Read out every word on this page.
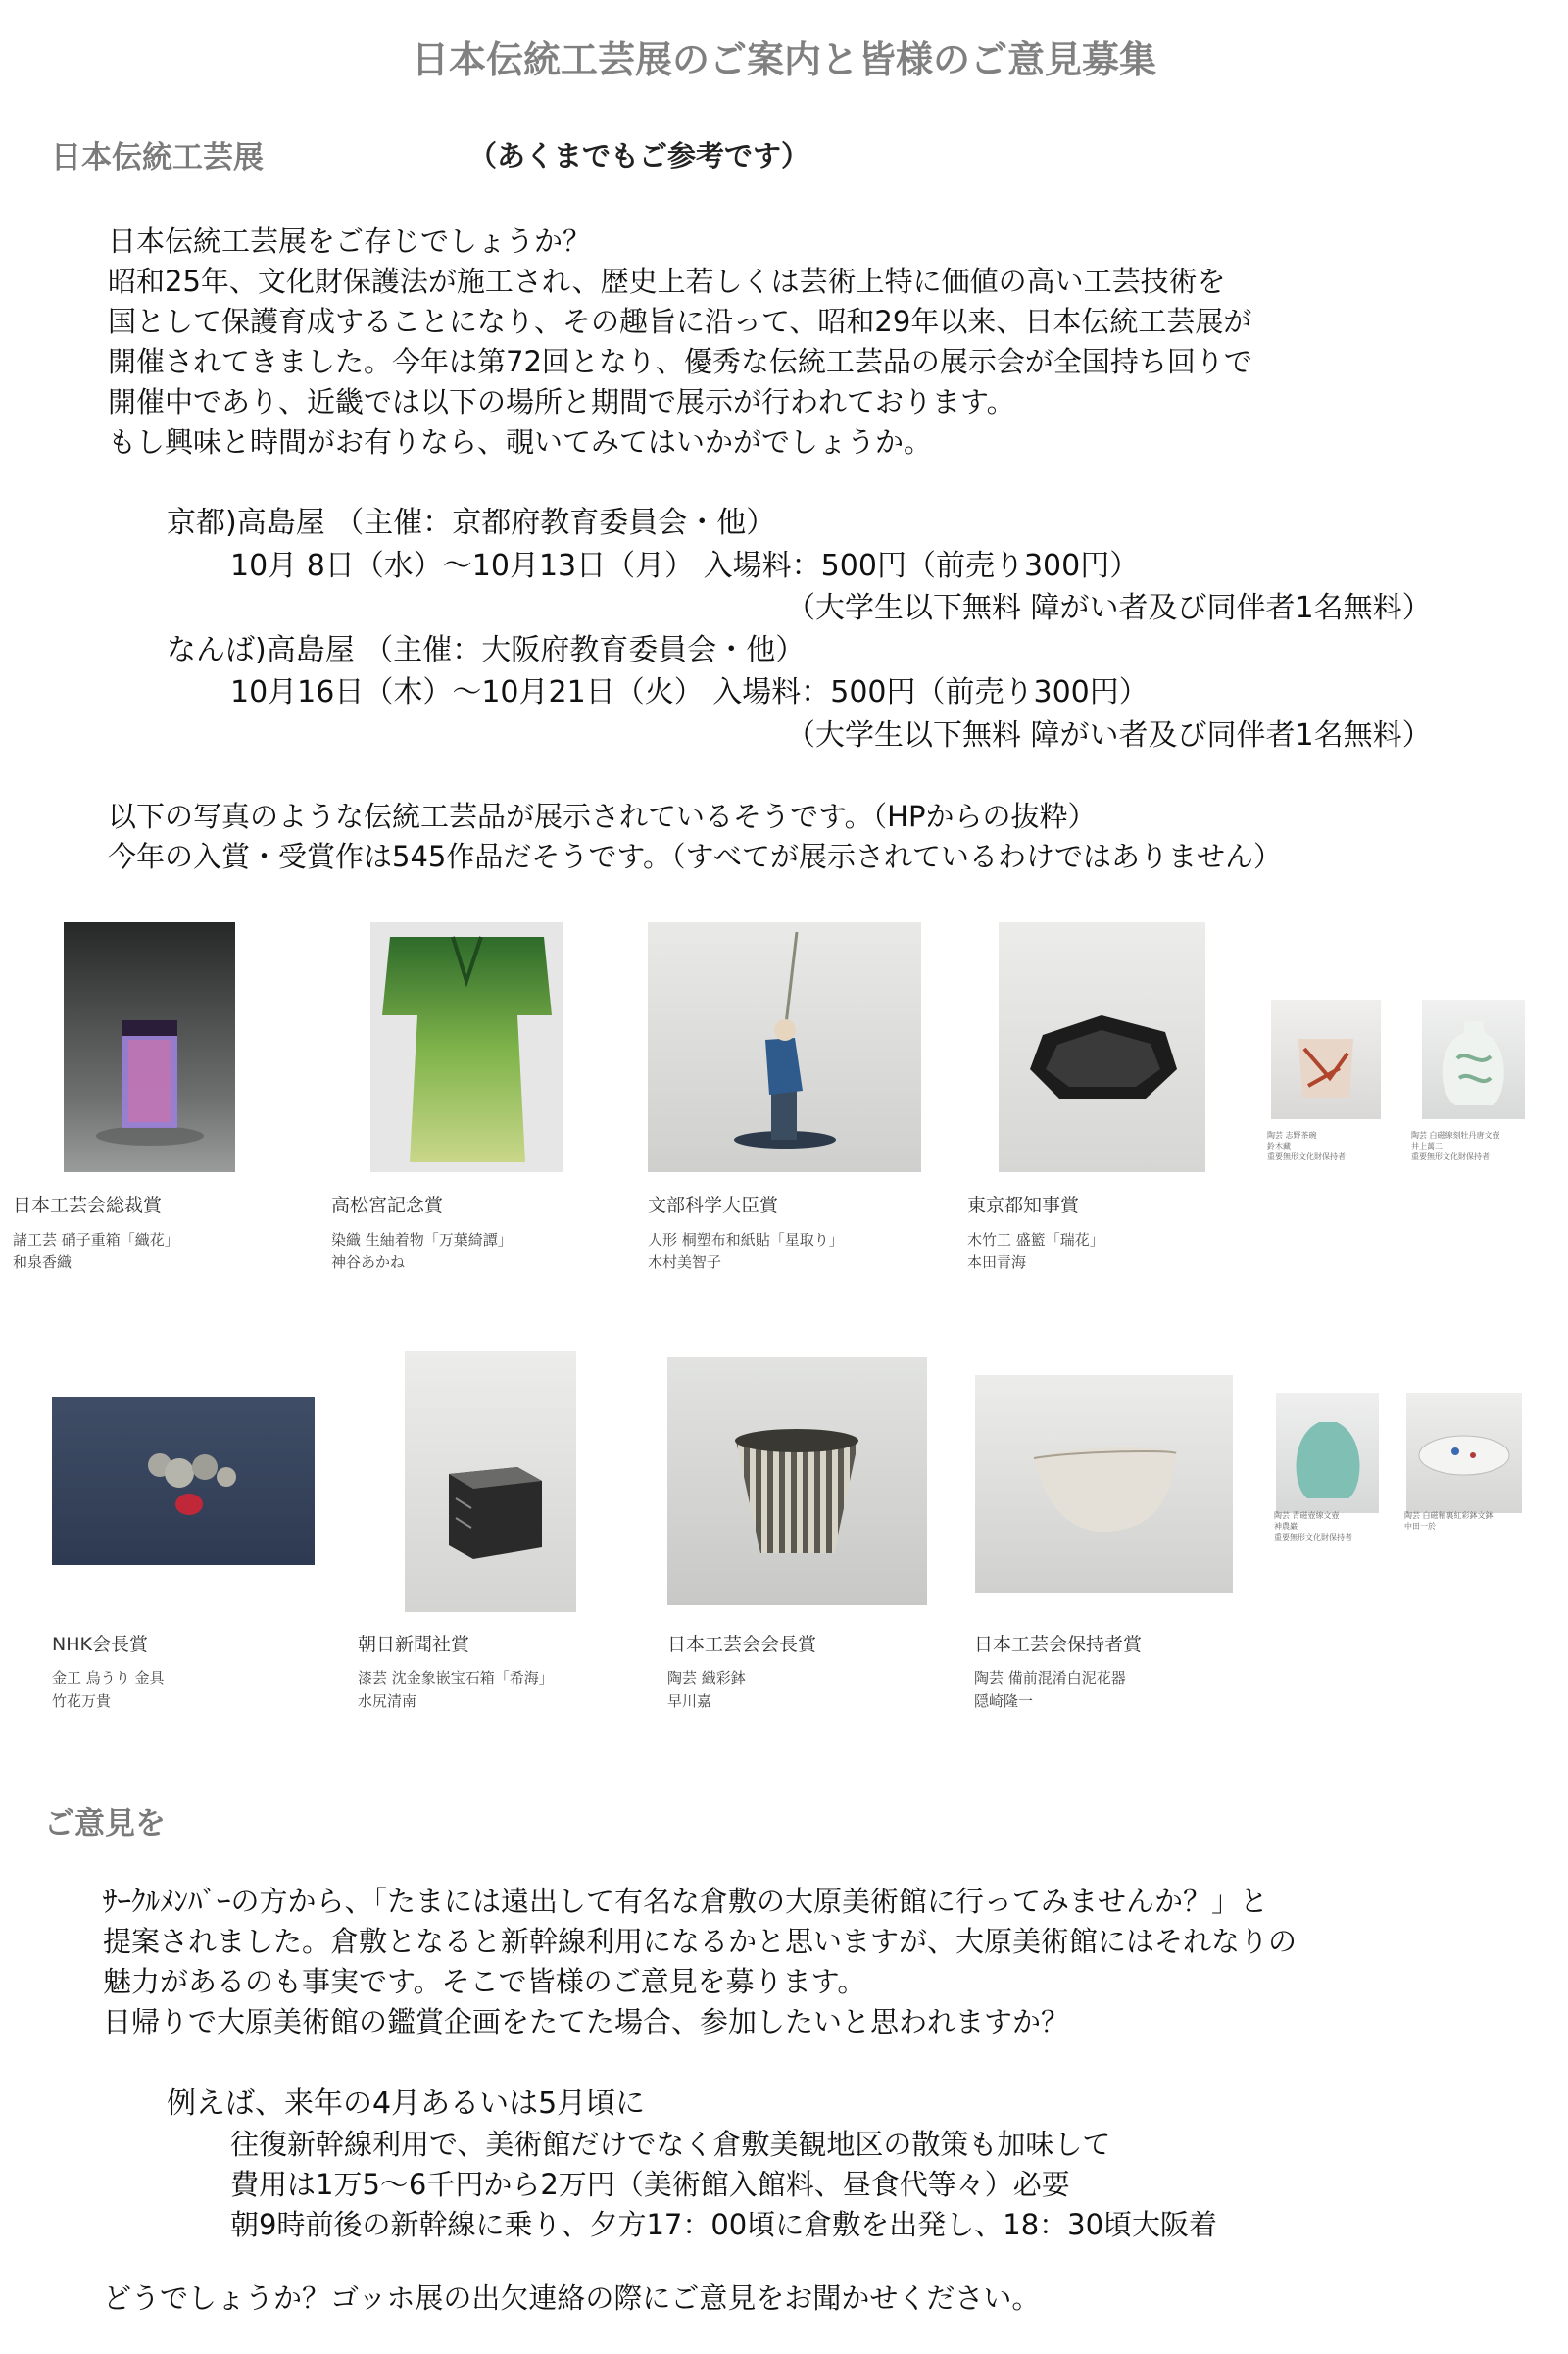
日本伝統工芸展のご案内と皆様のご意見募集
日本伝統工芸展	（あくまでもご参考です）
日本伝統工芸展をご存じでしょうか？
昭和25年、文化財保護法が施工され、歴史上若しくは芸術上特に価値の高い工芸技術を
国として保護育成することになり、その趣旨に沿って、昭和29年以来、日本伝統工芸展が
開催されてきました。今年は第72回となり、優秀な伝統工芸品の展示会が全国持ち回りで
開催中であり、近畿では以下の場所と期間で展示が行われております。
もし興味と時間がお有りなら、覗いてみてはいかがでしょうか。
京都)高島屋 （主催：京都府教育委員会・他）
10月 8日（水）～10月13日（月） 入場料：500円（前売り300円）
（大学生以下無料 障がい者及び同伴者1名無料）
なんば)高島屋 （主催：大阪府教育委員会・他）
10月16日（木）～10月21日（火） 入場料：500円（前売り300円）
（大学生以下無料 障がい者及び同伴者1名無料）
以下の写真のような伝統工芸品が展示されているそうです。（HPからの抜粋）
今年の入賞・受賞作は545作品だそうです。（すべてが展示されているわけではありません）
日本工芸会総裁賞
諸工芸 硝子重箱「織花」
和泉香織
高松宮記念賞
染織 生紬着物「万葉綺譚」
神谷あかね
文部科学大臣賞
人形 桐塑布和紙貼「星取り」
木村美智子
東京都知事賞
木竹工 盛籃「瑞花」
本田青海
陶芸 志野茶碗
鈴木藏
重要無形文化財保持者
陶芸 白磁線刻牡丹唐文壺
井上萬二
重要無形文化財保持者
NHK会長賞
金工 烏うり 金具
竹花万貴
朝日新聞社賞
漆芸 沈金象嵌宝石箱「希海」
水尻清南
日本工芸会会長賞
陶芸 織彩鉢
早川嘉
日本工芸会保持者賞
陶芸 備前混淆白泥花器
隠崎隆一
陶芸 青磁壺線文壺
神農巌
重要無形文化財保持者
陶芸 白磁釉裏紅彩鉢文鉢
中田一於
ご意見を
ｻｰｸﾙﾒﾝﾊﾞｰの方から、「たまには遠出して有名な倉敷の大原美術館に行ってみませんか？」と
提案されました。倉敷となると新幹線利用になるかと思いますが、大原美術館にはそれなりの
魅力があるのも事実です。そこで皆様のご意見を募ります。
日帰りで大原美術館の鑑賞企画をたてた場合、参加したいと思われますか？
例えば、来年の4月あるいは5月頃に
往復新幹線利用で、美術館だけでなく倉敷美観地区の散策も加味して
費用は1万5～6千円から2万円（美術館入館料、昼食代等々）必要
朝9時前後の新幹線に乗り、夕方17：00頃に倉敷を出発し、18：30頃大阪着
どうでしょうか？ゴッホ展の出欠連絡の際にご意見をお聞かせください。
